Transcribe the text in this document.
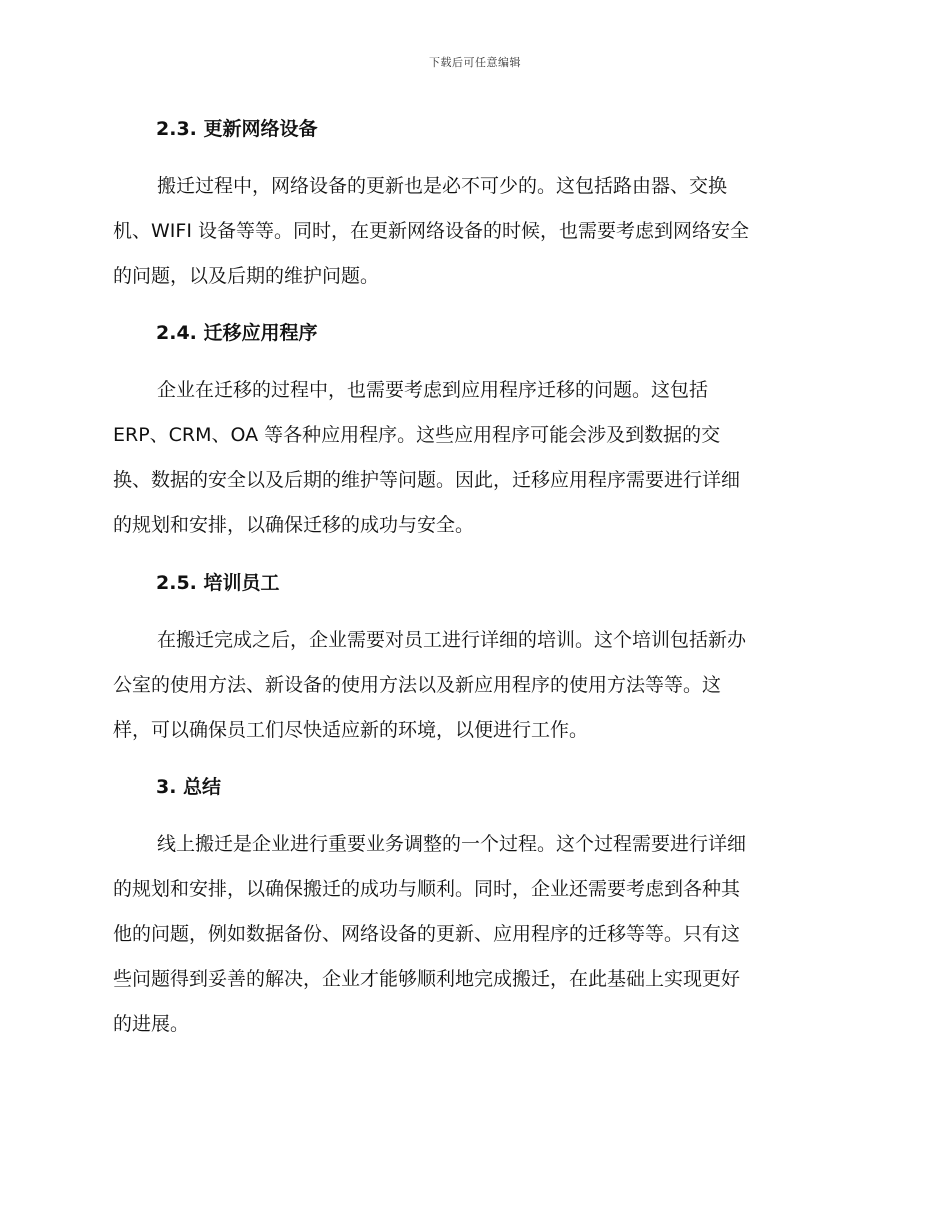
下载后可任意编辑
2.3. 更新网络设备
搬迁过程中，网络设备的更新也是必不可少的。这包括路由器、交换
机、WIFI 设备等等。同时，在更新网络设备的时候，也需要考虑到网络安全
的问题，以及后期的维护问题。
2.4. 迁移应用程序
企业在迁移的过程中，也需要考虑到应用程序迁移的问题。这包括
ERP、CRM、OA 等各种应用程序。这些应用程序可能会涉及到数据的交
换、数据的安全以及后期的维护等问题。因此，迁移应用程序需要进行详细
的规划和安排，以确保迁移的成功与安全。
2.5. 培训员工
在搬迁完成之后，企业需要对员工进行详细的培训。这个培训包括新办
公室的使用方法、新设备的使用方法以及新应用程序的使用方法等等。这
样，可以确保员工们尽快适应新的环境，以便进行工作。
3. 总结
线上搬迁是企业进行重要业务调整的一个过程。这个过程需要进行详细
的规划和安排，以确保搬迁的成功与顺利。同时，企业还需要考虑到各种其
他的问题，例如数据备份、网络设备的更新、应用程序的迁移等等。只有这
些问题得到妥善的解决，企业才能够顺利地完成搬迁，在此基础上实现更好
的进展。
